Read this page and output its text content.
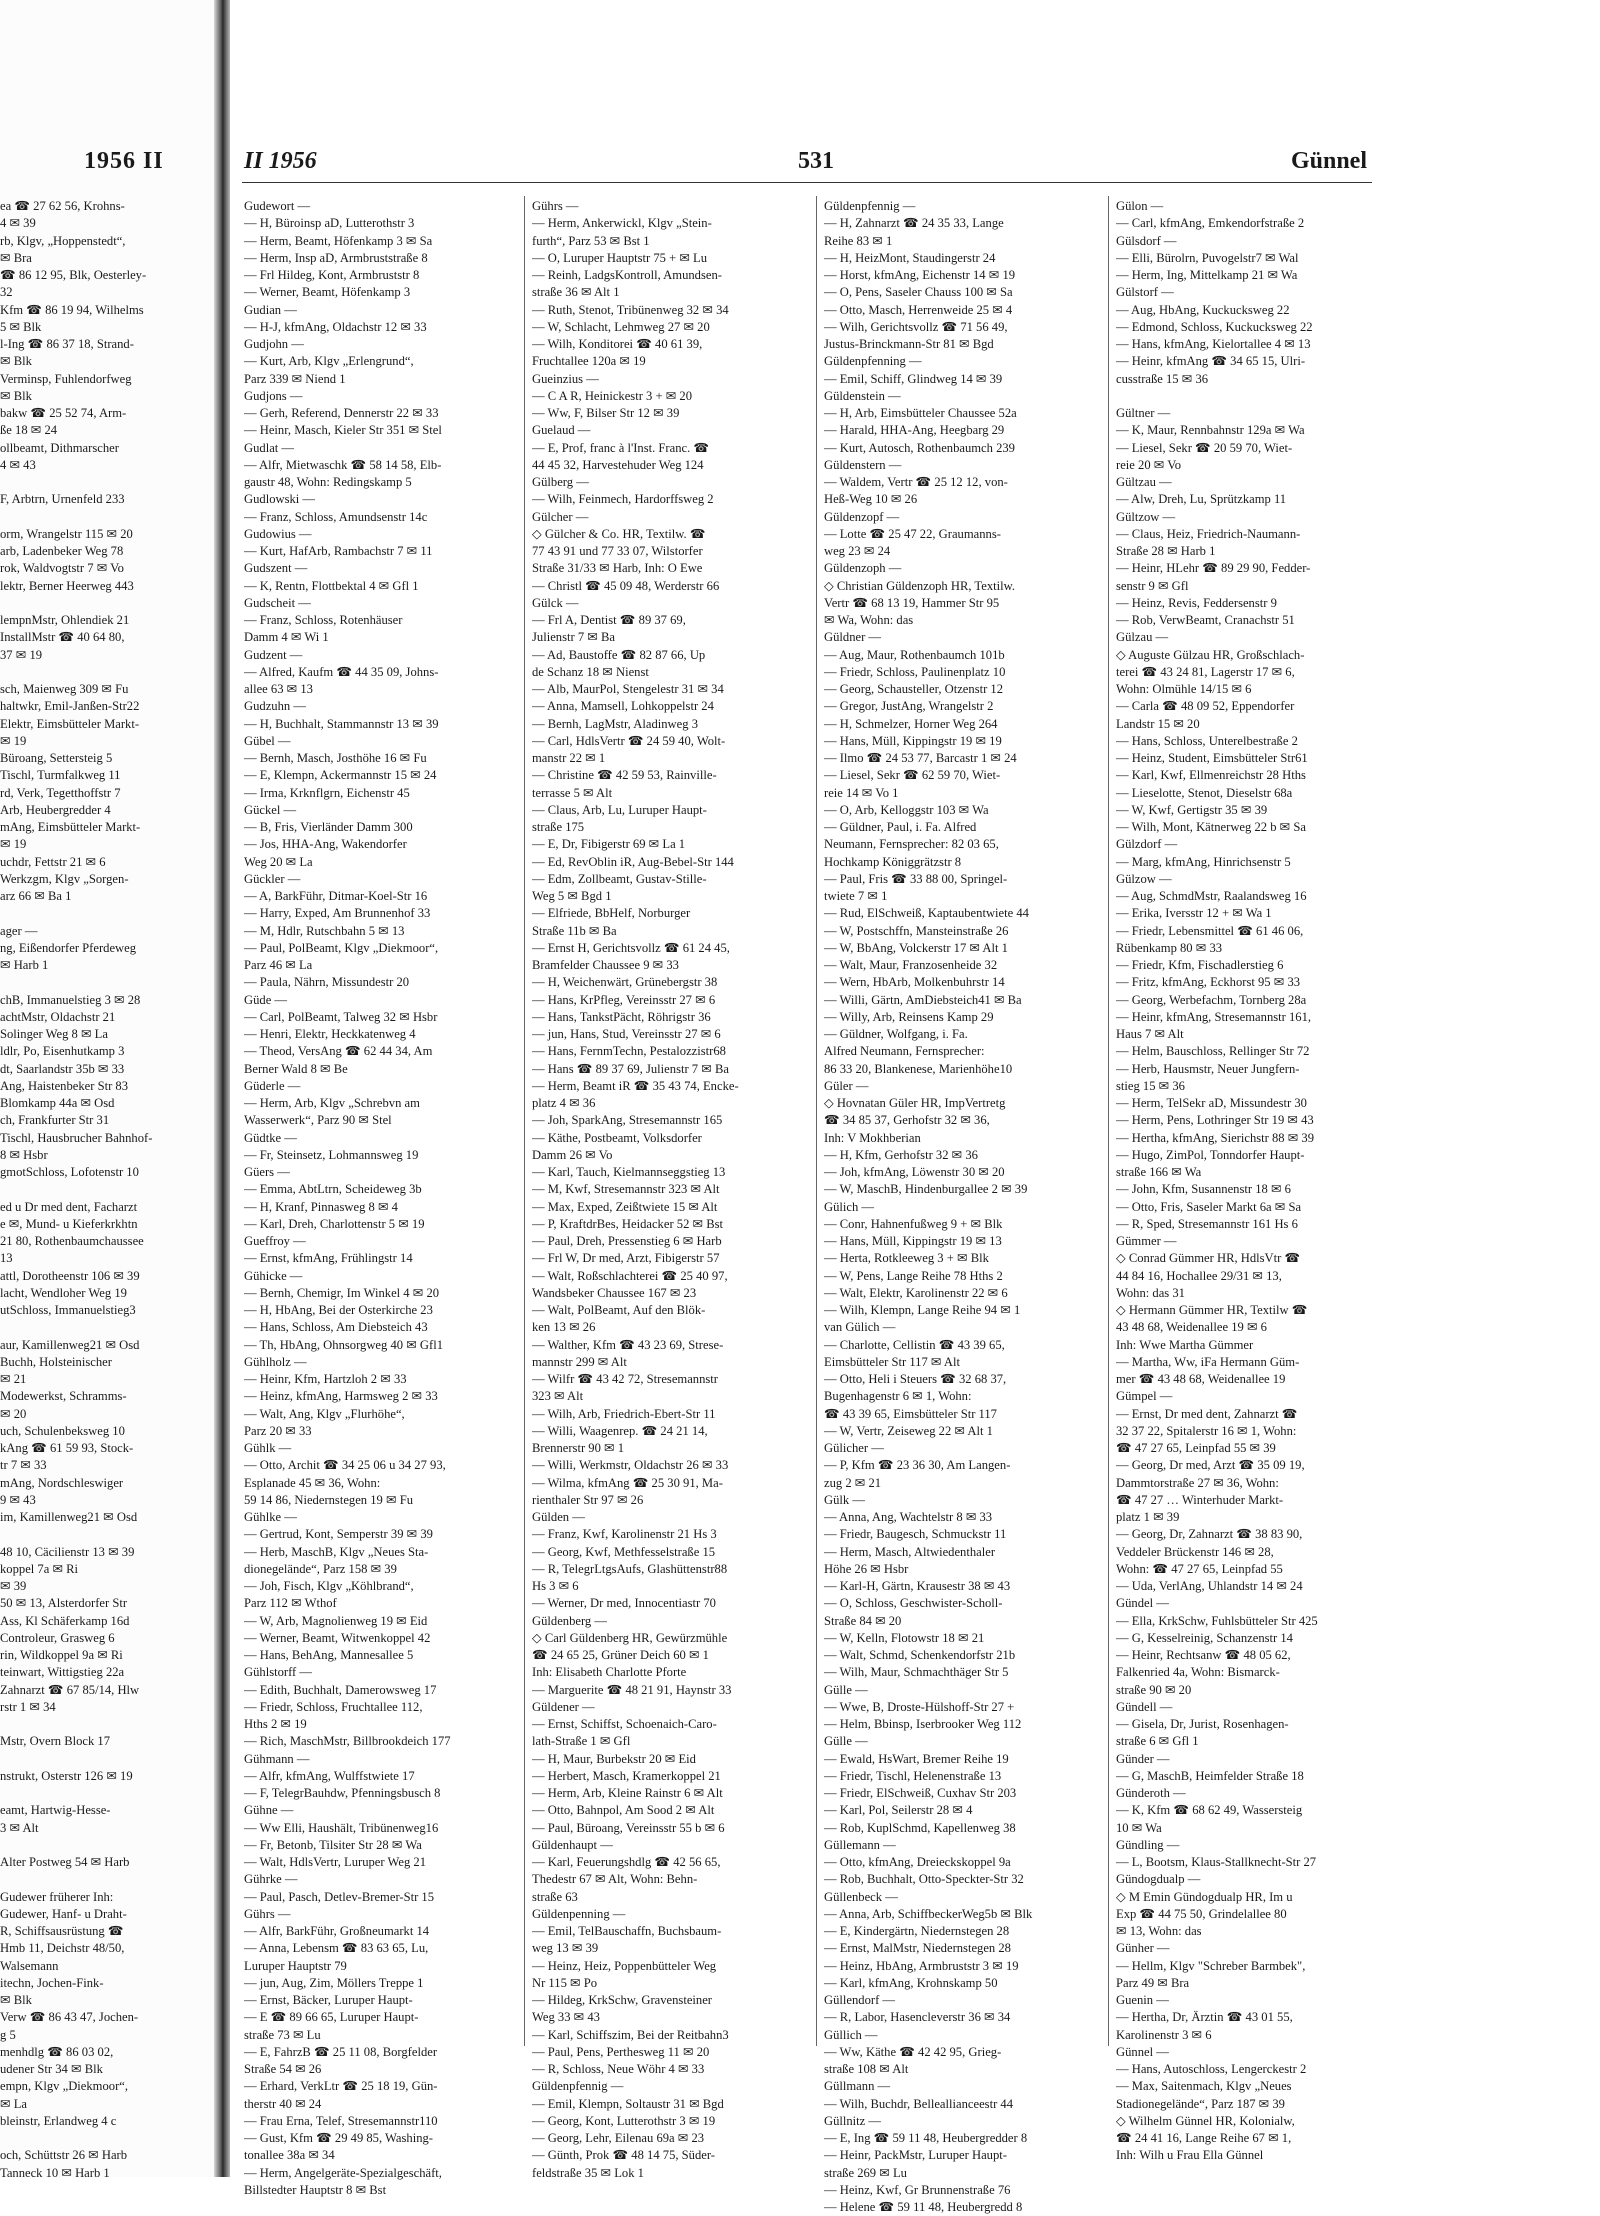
1956 II
ea ☎ 27 62 56, Krohns-
4 ✉ 39
rb, Klgv, „Hoppenstedt“,
✉ Bra
☎ 86 12 95, Blk, Oesterley-
32
Kfm ☎ 86 19 94, Wilhelms
5 ✉ Blk
l-Ing ☎ 86 37 18, Strand-
✉ Blk
Verminsp, Fuhlendorfweg
✉ Blk
bakw ☎ 25 52 74, Arm-
ße 18 ✉ 24
ollbeamt, Dithmarscher
4 ✉ 43

F, Arbtrn, Urnenfeld 233

orm, Wrangelstr 115 ✉ 20
arb, Ladenbeker Weg 78
rok, Waldvogtstr 7 ✉ Vo
lektr, Berner Heerweg 443

lempnMstr, Ohlendiek 21
InstallMstr ☎ 40 64 80,
37 ✉ 19

sch, Maienweg 309 ✉ Fu
haltwkr, Emil-Janßen-Str22
Elektr, Eimsbütteler Markt-
✉ 19
Büroang, Settersteig 5
Tischl, Turmfalkweg 11
rd, Verk, Tegetthoffstr 7
Arb, Heubergredder 4
mAng, Eimsbütteler Markt-
✉ 19
uchdr, Fettstr 21 ✉ 6
Werkzgm, Klgv „Sorgen-
arz 66 ✉ Ba 1

ager —
ng, Eißendorfer Pferdeweg
✉ Harb 1

chB, Immanuelstieg 3 ✉ 28
achtMstr, Oldachstr 21
Solinger Weg 8 ✉ La
ldlr, Po, Eisenhutkamp 3
dt, Saarlandstr 35b ✉ 33
Ang, Haistenbeker Str 83
Blomkamp 44a ✉ Osd
ch, Frankfurter Str 31
Tischl, Hausbrucher Bahnhof-
8 ✉ Hsbr
gmotSchloss, Lofotenstr 10

ed u Dr med dent, Facharzt
e ✉, Mund- u Kieferkrkhtn
21 80, Rothenbaumchaussee
13
attl, Dorotheenstr 106 ✉ 39
lacht, Wendloher Weg 19
utSchloss, Immanuelstieg3

aur, Kamillenweg21 ✉ Osd
Buchh, Holsteinischer
✉ 21
Modewerkst, Schramms-
✉ 20
uch, Schulenbeksweg 10
kAng ☎ 61 59 93, Stock-
tr 7 ✉ 33
mAng, Nordschleswiger
9 ✉ 43
im, Kamillenweg21 ✉ Osd

48 10, Cäcilienstr 13 ✉ 39
koppel 7a ✉ Ri
✉ 39
50 ✉ 13, Alsterdorfer Str
Ass, Kl Schäferkamp 16d
Controleur, Grasweg 6
rin, Wildkoppel 9a ✉ Ri
teinwart, Wittigstieg 22a
Zahnarzt ☎ 67 85/14, Hlw
rstr 1 ✉ 34

Mstr, Overn Block 17

nstrukt, Osterstr 126 ✉ 19

eamt, Hartwig-Hesse-
3 ✉ Alt

Alter Postweg 54 ✉ Harb

Gudewer früherer Inh:
Gudewer, Hanf- u Draht-
R, Schiffsausrüstung ☎
Hmb 11, Deichstr 48/50,
Walsemann
itechn, Jochen-Fink-
✉ Blk
Verw ☎ 86 43 47, Jochen-
g 5
menhdlg ☎ 86 03 02,
udener Str 34 ✉ Blk
empn, Klgv „Diekmoor“,
✉ La
bleinstr, Erlandweg 4 c

och, Schüttstr 26 ✉ Harb
Tanneck 10 ✉ Harb 1
II 1956	531	Günnel
Gudewort —
— H, Büroinsp aD, Lutterothstr 3
— Herm, Beamt, Höfenkamp 3 ✉ Sa
— Herm, Insp aD, Armbruststraße 8
— Frl Hildeg, Kont, Armbruststr 8
— Werner, Beamt, Höfenkamp 3
Gudian —
— H-J, kfmAng, Oldachstr 12 ✉ 33
Gudjohn —
— Kurt, Arb, Klgv „Erlengrund“,
Parz 339 ✉ Niend 1
Gudjons —
— Gerh, Referend, Dennerstr 22 ✉ 33
— Heinr, Masch, Kieler Str 351 ✉ Stel
Gudlat —
— Alfr, Mietwaschk ☎ 58 14 58, Elb-
gaustr 48, Wohn: Redingskamp 5
Gudlowski —
— Franz, Schloss, Amundsenstr 14c
Gudowius —
— Kurt, HafArb, Rambachstr 7 ✉ 11
Gudszent —
— K, Rentn, Flottbektal 4 ✉ Gfl 1
Gudscheit —
— Franz, Schloss, Rotenhäuser
Damm 4 ✉ Wi 1
Gudzent —
— Alfred, Kaufm ☎ 44 35 09, Johns-
allee 63 ✉ 13
Gudzuhn —
— H, Buchhalt, Stammannstr 13 ✉ 39
Gübel —
— Bernh, Masch, Josthöhe 16 ✉ Fu
— E, Klempn, Ackermannstr 15 ✉ 24
— Irma, Krknflgrn, Eichenstr 45
Gückel —
— B, Fris, Vierländer Damm 300
— Jos, HHA-Ang, Wakendorfer
Weg 20 ✉ La
Gückler —
— A, BarkFühr, Ditmar-Koel-Str 16
— Harry, Exped, Am Brunnenhof 33
— M, Hdlr, Rutschbahn 5 ✉ 13
— Paul, PolBeamt, Klgv „Diekmoor“,
Parz 46 ✉ La
— Paula, Nährn, Missundestr 20
Güde —
— Carl, PolBeamt, Talweg 32 ✉ Hsbr
— Henri, Elektr, Heckkatenweg 4
— Theod, VersAng ☎ 62 44 34, Am
Berner Wald 8 ✉ Be
Güderle —
— Herm, Arb, Klgv „Schrebvn am
Wasserwerk“, Parz 90 ✉ Stel
Güdtke —
— Fr, Steinsetz, Lohmannsweg 19
Güers —
— Emma, AbtLtrn, Scheideweg 3b
— H, Kranf, Pinnasweg 8 ✉ 4
— Karl, Dreh, Charlottenstr 5 ✉ 19
Gueffroy —
— Ernst, kfmAng, Frühlingstr 14
Gühicke —
— Bernh, Chemigr, Im Winkel 4 ✉ 20
— H, HbAng, Bei der Osterkirche 23
— Hans, Schloss, Am Diebsteich 43
— Th, HbAng, Ohnsorgweg 40 ✉ Gfl1
Gühlholz —
— Heinr, Kfm, Hartzloh 2 ✉ 33
— Heinz, kfmAng, Harmsweg 2 ✉ 33
— Walt, Ang, Klgv „Flurhöhe“,
Parz 20 ✉ 33
Gühlk —
— Otto, Archit ☎ 34 25 06 u 34 27 93,
Esplanade 45 ✉ 36, Wohn:
59 14 86, Niedernstegen 19 ✉ Fu
Gühlke —
— Gertrud, Kont, Semperstr 39 ✉ 39
— Herb, MaschB, Klgv „Neues Sta-
dionegelände“, Parz 158 ✉ 39
— Joh, Fisch, Klgv „Köhlbrand“,
Parz 112 ✉ Wthof
— W, Arb, Magnolienweg 19 ✉ Eid
— Werner, Beamt, Witwenkoppel 42
— Hans, BehAng, Mannesallee 5
Gühlstorff —
— Edith, Buchhalt, Damerowsweg 17
— Friedr, Schloss, Fruchtallee 112,
Hths 2 ✉ 19
— Rich, MaschMstr, Billbrookdeich 177
Gühmann —
— Alfr, kfmAng, Wulffstwiete 17
— F, TelegrBauhdw, Pfenningsbusch 8
Gühne —
— Ww Elli, Haushält, Tribünenweg16
— Fr, Betonb, Tilsiter Str 28 ✉ Wa
— Walt, HdlsVertr, Luruper Weg 21
Gührke —
— Paul, Pasch, Detlev-Bremer-Str 15
Gührs —
— Alfr, BarkFühr, Großneumarkt 14
— Anna, Lebensm ☎ 83 63 65, Lu,
Luruper Hauptstr 79
— jun, Aug, Zim, Möllers Treppe 1
— Ernst, Bäcker, Luruper Haupt-
— E ☎ 89 66 65, Luruper Haupt-
straße 73 ✉ Lu
— E, FahrzB ☎ 25 11 08, Borgfelder
Straße 54 ✉ 26
— Erhard, VerkLtr ☎ 25 18 19, Gün-
therstr 40 ✉ 24
— Frau Erna, Telef, Stresemannstr110
— Gust, Kfm ☎ 29 49 85, Washing-
tonallee 38a ✉ 34
— Herm, Angelgeräte-Spezialgeschäft,
Billstedter Hauptstr 8 ✉ Bst
Gührs —
— Herm, Ankerwickl, Klgv „Stein-
furth“, Parz 53 ✉ Bst 1
— O, Luruper Hauptstr 75 + ✉ Lu
— Reinh, LadgsKontroll, Amundsen-
straße 36 ✉ Alt 1
— Ruth, Stenot, Tribünenweg 32 ✉ 34
— W, Schlacht, Lehmweg 27 ✉ 20
— Wilh, Konditorei ☎ 40 61 39,
Fruchtallee 120a ✉ 19
Gueinzius —
— C A R, Heinickestr 3 + ✉ 20
— Ww, F, Bilser Str 12 ✉ 39
Guelaud —
— E, Prof, franc à l'Inst. Franc. ☎
44 45 32, Harvestehuder Weg 124
Gülberg —
— Wilh, Feinmech, Hardorffsweg 2
Gülcher —
◇ Gülcher & Co. HR, Textilw. ☎
77 43 91 und 77 33 07, Wilstorfer
Straße 31/33 ✉ Harb, Inh: O Ewe
— Christl ☎ 45 09 48, Werderstr 66
Gülck —
— Frl A, Dentist ☎ 89 37 69,
Julienstr 7 ✉ Ba
— Ad, Baustoffe ☎ 82 87 66, Up
de Schanz 18 ✉ Nienst
— Alb, MaurPol, Stengelestr 31 ✉ 34
— Anna, Mamsell, Lohkoppelstr 24
— Bernh, LagMstr, Aladinweg 3
— Carl, HdlsVertr ☎ 24 59 40, Wolt-
manstr 22 ✉ 1
— Christine ☎ 42 59 53, Rainville-
terrasse 5 ✉ Alt
— Claus, Arb, Lu, Luruper Haupt-
straße 175
— E, Dr, Fibigerstr 69 ✉ La 1
— Ed, RevOblin iR, Aug-Bebel-Str 144
— Edm, Zollbeamt, Gustav-Stille-
Weg 5 ✉ Bgd 1
— Elfriede, BbHelf, Norburger
Straße 11b ✉ Ba
— Ernst H, Gerichtsvollz ☎ 61 24 45,
Bramfelder Chaussee 9 ✉ 33
— H, Weichenwärt, Grünebergstr 38
— Hans, KrPfleg, Vereinsstr 27 ✉ 6
— Hans, TankstPächt, Röhrigstr 36
— jun, Hans, Stud, Vereinsstr 27 ✉ 6
— Hans, FernmTechn, Pestalozzistr68
— Hans ☎ 89 37 69, Julienstr 7 ✉ Ba
— Herm, Beamt iR ☎ 35 43 74, Encke-
platz 4 ✉ 36
— Joh, SparkAng, Stresemannstr 165
— Käthe, Postbeamt, Volksdorfer
Damm 26 ✉ Vo
— Karl, Tauch, Kielmannseggstieg 13
— M, Kwf, Stresemannstr 323 ✉ Alt
— Max, Exped, Zeißtwiete 15 ✉ Alt
— P, KraftdrBes, Heidacker 52 ✉ Bst
— Paul, Dreh, Pressenstieg 6 ✉ Harb
— Frl W, Dr med, Arzt, Fibigerstr 57
— Walt, Roßschlachterei ☎ 25 40 97,
Wandsbeker Chaussee 167 ✉ 23
— Walt, PolBeamt, Auf den Blök-
ken 13 ✉ 26
— Walther, Kfm ☎ 43 23 69, Strese-
mannstr 299 ✉ Alt
— Wilfr ☎ 43 42 72, Stresemannstr
323 ✉ Alt
— Wilh, Arb, Friedrich-Ebert-Str 11
— Willi, Waagenrep. ☎ 24 21 14,
Brennerstr 90 ✉ 1
— Willi, Werkmstr, Oldachstr 26 ✉ 33
— Wilma, kfmAng ☎ 25 30 91, Ma-
rienthaler Str 97 ✉ 26
Gülden —
— Franz, Kwf, Karolinenstr 21 Hs 3
— Georg, Kwf, Methfesselstraße 15
— R, TelegrLtgsAufs, Glashüttenstr88
Hs 3 ✉ 6
— Werner, Dr med, Innocentiastr 70
Güldenberg —
◇ Carl Güldenberg HR, Gewürzmühle
☎ 24 65 25, Grüner Deich 60 ✉ 1
Inh: Elisabeth Charlotte Pforte
— Marguerite ☎ 48 21 91, Haynstr 33
Güldener —
— Ernst, Schiffst, Schoenaich-Caro-
lath-Straße 1 ✉ Gfl
— H, Maur, Burbekstr 20 ✉ Eid
— Herbert, Masch, Kramerkoppel 21
— Herm, Arb, Kleine Rainstr 6 ✉ Alt
— Otto, Bahnpol, Am Sood 2 ✉ Alt
— Paul, Büroang, Vereinsstr 55 b ✉ 6
Güldenhaupt —
— Karl, Feuerungshdlg ☎ 42 56 65,
Thedestr 67 ✉ Alt, Wohn: Behn-
straße 63
Güldenpenning —
— Emil, TelBauschaffn, Buchsbaum-
weg 13 ✉ 39
— Heinz, Heiz, Poppenbütteler Weg
Nr 115 ✉ Po
— Hildeg, KrkSchw, Gravensteiner
Weg 33 ✉ 43
— Karl, Schiffszim, Bei der Reitbahn3
— Paul, Pens, Perthesweg 11 ✉ 20
— R, Schloss, Neue Wöhr 4 ✉ 33
Güldenpfennig —
— Emil, Klempn, Soltaustr 31 ✉ Bgd
— Georg, Kont, Lutterothstr 3 ✉ 19
— Georg, Lehr, Eilenau 69a ✉ 23
— Günth, Prok ☎ 48 14 75, Süder-
feldstraße 35 ✉ Lok 1
Güldenpfennig —
— H, Zahnarzt ☎ 24 35 33, Lange
Reihe 83 ✉ 1
— H, HeizMont, Staudingerstr 24
— Horst, kfmAng, Eichenstr 14 ✉ 19
— O, Pens, Saseler Chauss 100 ✉ Sa
— Otto, Masch, Herrenweide 25 ✉ 4
— Wilh, Gerichtsvollz ☎ 71 56 49,
Justus-Brinckmann-Str 81 ✉ Bgd
Güldenpfenning —
— Emil, Schiff, Glindweg 14 ✉ 39
Güldenstein —
— H, Arb, Eimsbütteler Chaussee 52a
— Harald, HHA-Ang, Heegbarg 29
— Kurt, Autosch, Rothenbaumch 239
Güldenstern —
— Waldem, Vertr ☎ 25 12 12, von-
Heß-Weg 10 ✉ 26
Güldenzopf —
— Lotte ☎ 25 47 22, Graumanns-
weg 23 ✉ 24
Güldenzoph —
◇ Christian Güldenzoph HR, Textilw.
Vertr ☎ 68 13 19, Hammer Str 95
✉ Wa, Wohn: das
Güldner —
— Aug, Maur, Rothenbaumch 101b
— Friedr, Schloss, Paulinenplatz 10
— Georg, Schausteller, Otzenstr 12
— Gregor, JustAng, Wrangelstr 2
— H, Schmelzer, Horner Weg 264
— Hans, Müll, Kippingstr 19 ✉ 19
— Ilmo ☎ 24 53 77, Barcastr 1 ✉ 24
— Liesel, Sekr ☎ 62 59 70, Wiet-
reie 14 ✉ Vo 1
— O, Arb, Kelloggstr 103 ✉ Wa
— Güldner, Paul, i. Fa. Alfred
Neumann, Fernsprecher: 82 03 65,
Hochkamp Königgrätzstr 8
— Paul, Fris ☎ 33 88 00, Springel-
twiete 7 ✉ 1
— Rud, ElSchweiß, Kaptaubentwiete 44
— W, Postschffn, Mansteinstraße 26
— W, BbAng, Volckerstr 17 ✉ Alt 1
— Walt, Maur, Franzosenheide 32
— Wern, HbArb, Molkenbuhrstr 14
— Willi, Gärtn, AmDiebsteich41 ✉ Ba
— Willy, Arb, Reinsens Kamp 29
— Güldner, Wolfgang, i. Fa.
Alfred Neumann, Fernsprecher:
86 33 20, Blankenese, Marienhöhe10
Güler —
◇ Hovnatan Güler HR, ImpVertretg
☎ 34 85 37, Gerhofstr 32 ✉ 36,
Inh: V Mokhberian
— H, Kfm, Gerhofstr 32 ✉ 36
— Joh, kfmAng, Löwenstr 30 ✉ 20
— W, MaschB, Hindenburgallee 2 ✉ 39
Gülich —
— Conr, Hahnenfußweg 9 + ✉ Blk
— Hans, Müll, Kippingstr 19 ✉ 13
— Herta, Rotkleeweg 3 + ✉ Blk
— W, Pens, Lange Reihe 78 Hths 2
— Walt, Elektr, Karolinenstr 22 ✉ 6
— Wilh, Klempn, Lange Reihe 94 ✉ 1
van Gülich —
— Charlotte, Cellistin ☎ 43 39 65,
Eimsbütteler Str 117 ✉ Alt
— Otto, Heli i Steuers ☎ 32 68 37,
Bugenhagenstr 6 ✉ 1, Wohn:
☎ 43 39 65, Eimsbütteler Str 117
— W, Vertr, Zeiseweg 22 ✉ Alt 1
Gülicher —
— P, Kfm ☎ 23 36 30, Am Langen-
zug 2 ✉ 21
Gülk —
— Anna, Ang, Wachtelstr 8 ✉ 33
— Friedr, Baugesch, Schmuckstr 11
— Herm, Masch, Altwiedenthaler
Höhe 26 ✉ Hsbr
— Karl-H, Gärtn, Krausestr 38 ✉ 43
— O, Schloss, Geschwister-Scholl-
Straße 84 ✉ 20
— W, Kelln, Flotowstr 18 ✉ 21
— Walt, Schmd, Schenkendorfstr 21b
— Wilh, Maur, Schmachthäger Str 5
Gülle —
— Wwe, B, Droste-Hülshoff-Str 27 +
— Helm, Bbinsp, Iserbrooker Weg 112
Gülle —
— Ewald, HsWart, Bremer Reihe 19
— Friedr, Tischl, Helenenstraße 13
— Friedr, ElSchweiß, Cuxhav Str 203
— Karl, Pol, Seilerstr 28 ✉ 4
— Rob, KuplSchmd, Kapellenweg 38
Güllemann —
— Otto, kfmAng, Dreieckskoppel 9a
— Rob, Buchhalt, Otto-Speckter-Str 32
Güllenbeck —
— Anna, Arb, SchiffbeckerWeg5b ✉ Blk
— E, Kindergärtn, Niedernstegen 28
— Ernst, MalMstr, Niedernstegen 28
— Heinz, HbAng, Armbruststr 3 ✉ 19
— Karl, kfmAng, Krohnskamp 50
Güllendorf —
— R, Labor, Hasencleverstr 36 ✉ 34
Güllich —
— Ww, Käthe ☎ 42 42 95, Grieg-
straße 108 ✉ Alt
Güllmann —
— Wilh, Buchdr, Belleallianceestr 44
Güllnitz —
— E, Ing ☎ 59 11 48, Heubergredder 8
— Heinr, PackMstr, Luruper Haupt-
straße 269 ✉ Lu
— Heinz, Kwf, Gr Brunnenstraße 76
— Helene ☎ 59 11 48, Heubergredd 8
Gülon —
— Carl, kfmAng, Emkendorfstraße 2
Gülsdorf —
— Elli, Bürolrn, Puvogelstr7 ✉ Wal
— Herm, Ing, Mittelkamp 21 ✉ Wa
Gülstorf —
— Aug, HbAng, Kuckucksweg 22
— Edmond, Schloss, Kuckucksweg 22
— Hans, kfmAng, Kielortallee 4 ✉ 13
— Heinr, kfmAng ☎ 34 65 15, Ulri-
cusstraße 15 ✉ 36

Gültner —
— K, Maur, Rennbahnstr 129a ✉ Wa
— Liesel, Sekr ☎ 20 59 70, Wiet-
reie 20 ✉ Vo
Gültzau —
— Alw, Dreh, Lu, Sprützkamp 11
Gültzow —
— Claus, Heiz, Friedrich-Naumann-
Straße 28 ✉ Harb 1
— Heinr, HLehr ☎ 89 29 90, Fedder-
senstr 9 ✉ Gfl
— Heinz, Revis, Feddersenstr 9
— Rob, VerwBeamt, Cranachstr 51
Gülzau —
◇ Auguste Gülzau HR, Großschlach-
terei ☎ 43 24 81, Lagerstr 17 ✉ 6,
Wohn: Olmühle 14/15 ✉ 6
— Carla ☎ 48 09 52, Eppendorfer
Landstr 15 ✉ 20
— Hans, Schloss, Unterelbestraße 2
— Heinz, Student, Eimsbütteler Str61
— Karl, Kwf, Ellmenreichstr 28 Hths
— Lieselotte, Stenot, Dieselstr 68a
— W, Kwf, Gertigstr 35 ✉ 39
— Wilh, Mont, Kätnerweg 22 b ✉ Sa
Gülzdorf —
— Marg, kfmAng, Hinrichsenstr 5
Gülzow —
— Aug, SchmdMstr, Raalandsweg 16
— Erika, Iversstr 12 + ✉ Wa 1
— Friedr, Lebensmittel ☎ 61 46 06,
Rübenkamp 80 ✉ 33
— Friedr, Kfm, Fischadlerstieg 6
— Fritz, kfmAng, Eckhorst 95 ✉ 33
— Georg, Werbefachm, Tornberg 28a
— Heinr, kfmAng, Stresemannstr 161,
Haus 7 ✉ Alt
— Helm, Bauschloss, Rellinger Str 72
— Herb, Hausmstr, Neuer Jungfern-
stieg 15 ✉ 36
— Herm, TelSekr aD, Missundestr 30
— Herm, Pens, Lothringer Str 19 ✉ 43
— Hertha, kfmAng, Sierichstr 88 ✉ 39
— Hugo, ZimPol, Tonndorfer Haupt-
straße 166 ✉ Wa
— John, Kfm, Susannenstr 18 ✉ 6
— Otto, Fris, Saseler Markt 6a ✉ Sa
— R, Sped, Stresemannstr 161 Hs 6
Gümmer —
◇ Conrad Gümmer HR, HdlsVtr ☎
44 84 16, Hochallee 29/31 ✉ 13,
Wohn: das 31
◇ Hermann Gümmer HR, Textilw ☎
43 48 68, Weidenallee 19 ✉ 6
Inh: Wwe Martha Gümmer
— Martha, Ww, iFa Hermann Güm-
mer ☎ 43 48 68, Weidenallee 19
Gümpel —
— Ernst, Dr med dent, Zahnarzt ☎
32 37 22, Spitalerstr 16 ✉ 1, Wohn:
☎ 47 27 65, Leinpfad 55 ✉ 39
— Georg, Dr med, Arzt ☎ 35 09 19,
Dammtorstraße 27 ✉ 36, Wohn:
☎ 47 27 … Winterhuder Markt-
platz 1 ✉ 39
— Georg, Dr, Zahnarzt ☎ 38 83 90,
Veddeler Brückenstr 146 ✉ 28,
Wohn: ☎ 47 27 65, Leinpfad 55
— Uda, VerlAng, Uhlandstr 14 ✉ 24
Gündel —
— Ella, KrkSchw, Fuhlsbütteler Str 425
— G, Kesselreinig, Schanzenstr 14
— Heinr, Rechtsanw ☎ 48 05 62,
Falkenried 4a, Wohn: Bismarck-
straße 90 ✉ 20
Gündell —
— Gisela, Dr, Jurist, Rosenhagen-
straße 6 ✉ Gfl 1
Günder —
— G, MaschB, Heimfelder Straße 18
Günderoth —
— K, Kfm ☎ 68 62 49, Wassersteig
10 ✉ Wa
Gündling —
— L, Bootsm, Klaus-Stallknecht-Str 27
Gündogdualp —
◇ M Emin Gündogdualp HR, Im u
Exp ☎ 44 75 50, Grindelallee 80
✉ 13, Wohn: das
Günher —
— Hellm, Klgv "Schreber Barmbek",
Parz 49 ✉ Bra
Guenin —
— Hertha, Dr, Ärztin ☎ 43 01 55,
Karolinenstr 3 ✉ 6
Günnel —
— Hans, Autoschloss, Lengerckestr 2
— Max, Saitenmach, Klgv „Neues
Stadionegelände“, Parz 187 ✉ 39
◇ Wilhelm Günnel HR, Kolonialw,
☎ 24 41 16, Lange Reihe 67 ✉ 1,
Inh: Wilh u Frau Ella Günnel
